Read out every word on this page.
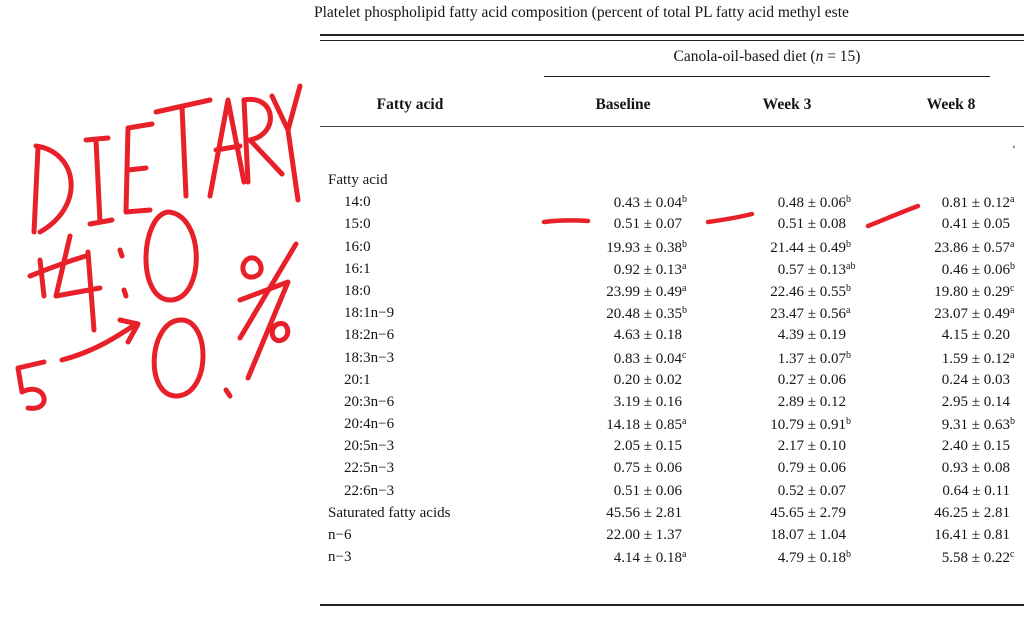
Platelet phospholipid fatty acid composition (percent of total PL fatty acid methyl este
Canola-oil-based diet (n = 15)
Fatty acid	Baseline	Week 3	Week 8
‘
Fatty acid
14:0	0.43 ± 0.04b	0.48 ± 0.06b	0.81 ± 0.12a
15:0	0.51 ± 0.07	0.51 ± 0.08	0.41 ± 0.05
16:0	19.93 ± 0.38b	21.44 ± 0.49b	23.86 ± 0.57a
16:1	0.92 ± 0.13a	0.57 ± 0.13ab	0.46 ± 0.06b
18:0	23.99 ± 0.49a	22.46 ± 0.55b	19.80 ± 0.29c
18:1n−9	20.48 ± 0.35b	23.47 ± 0.56a	23.07 ± 0.49a
18:2n−6	4.63 ± 0.18	4.39 ± 0.19	4.15 ± 0.20
18:3n−3	0.83 ± 0.04c	1.37 ± 0.07b	1.59 ± 0.12a
20:1	0.20 ± 0.02	0.27 ± 0.06	0.24 ± 0.03
20:3n−6	3.19 ± 0.16	2.89 ± 0.12	2.95 ± 0.14
20:4n−6	14.18 ± 0.85a	10.79 ± 0.91b	9.31 ± 0.63b
20:5n−3	2.05 ± 0.15	2.17 ± 0.10	2.40 ± 0.15
22:5n−3	0.75 ± 0.06	0.79 ± 0.06	0.93 ± 0.08
22:6n−3	0.51 ± 0.06	0.52 ± 0.07	0.64 ± 0.11
Saturated fatty acids	45.56 ± 2.81	45.65 ± 2.79	46.25 ± 2.81
n−6	22.00 ± 1.37	18.07 ± 1.04	16.41 ± 0.81
n−3	4.14 ± 0.18a	4.79 ± 0.18b	5.58 ± 0.22c
